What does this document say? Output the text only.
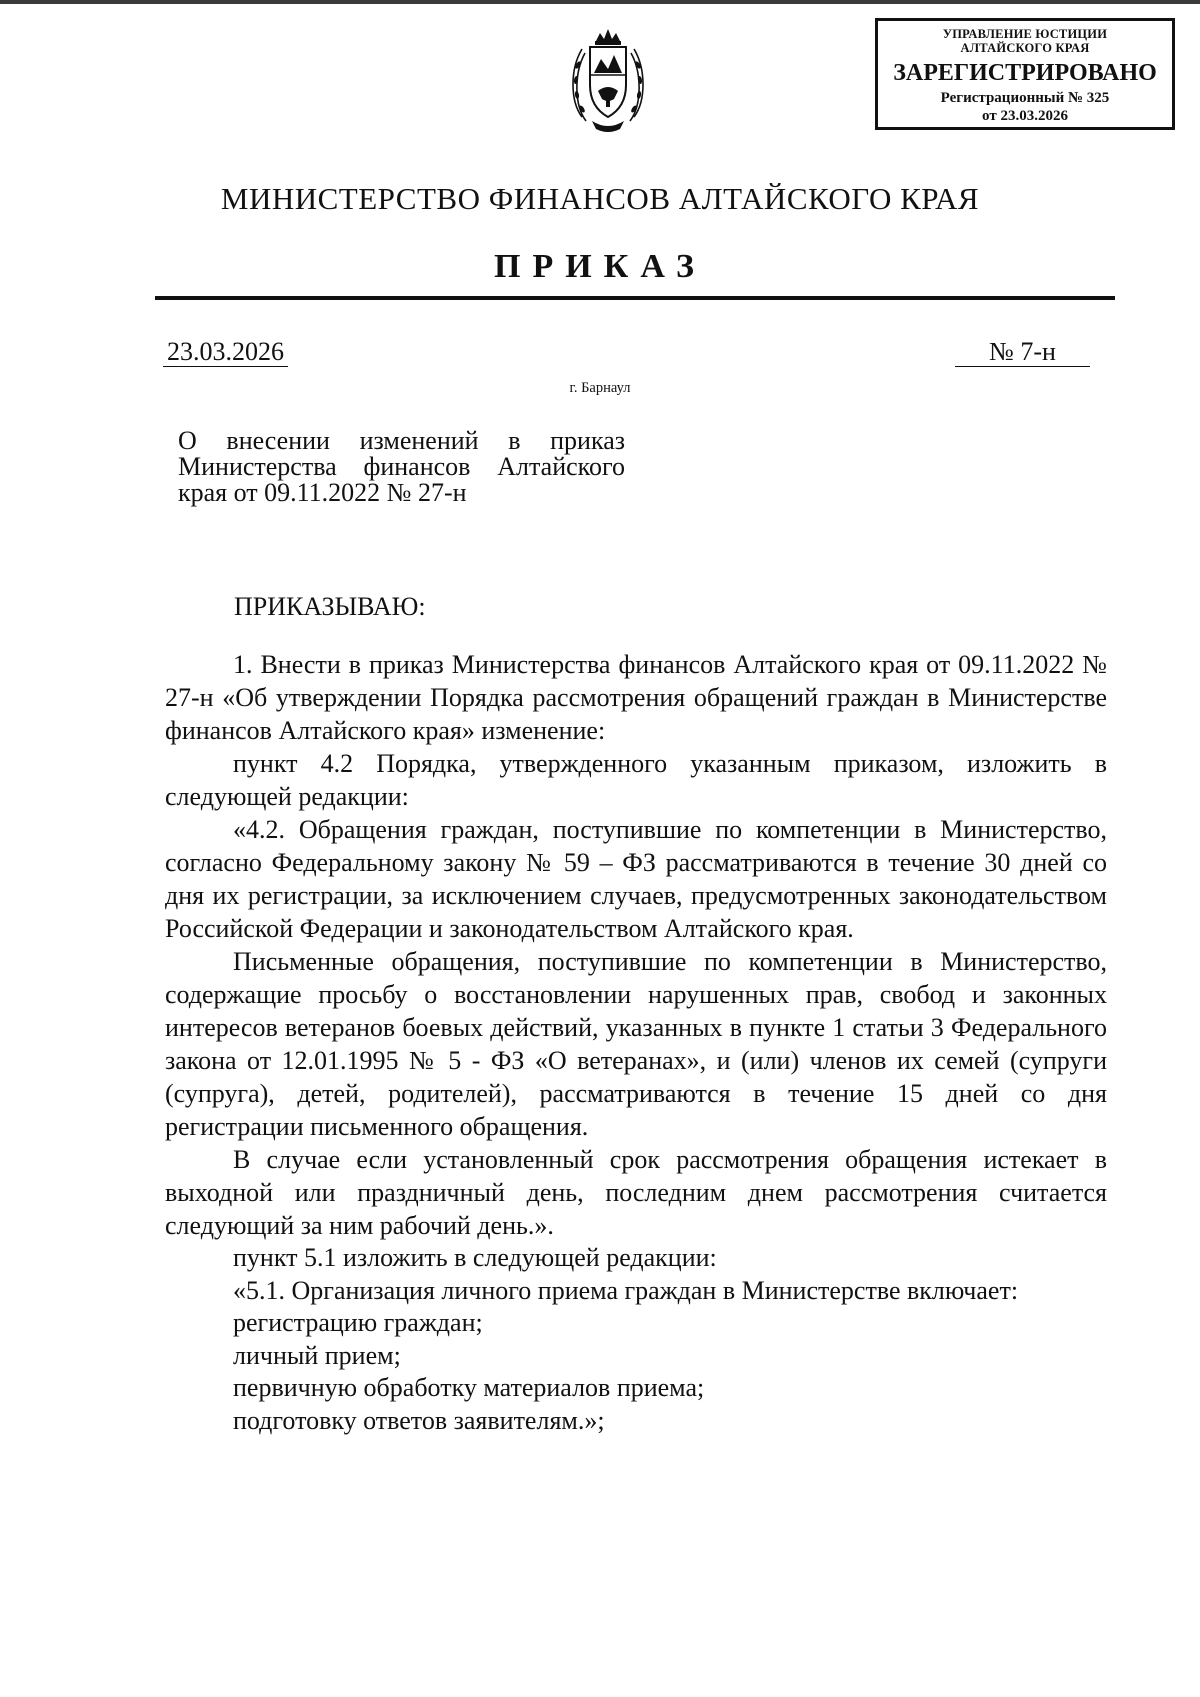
УПРАВЛЕНИЕ ЮСТИЦИИ
АЛТАЙСКОГО КРАЯ
ЗАРЕГИСТРИРОВАНО
Регистрационный № 325
от 23.03.2026
МИНИСТЕРСТВО ФИНАНСОВ АЛТАЙСКОГО КРАЯ
ПРИКАЗ
23.03.2026	№ 7-н
г. Барнаул
О внесении изменений в приказ
Министерства финансов Алтайского
края от 09.11.2022 № 27-н
ПРИКАЗЫВАЮ:

1. Внести в приказ Министерства финансов Алтайского края от 09.11.2022 № 27-н «Об утверждении Порядка рассмотрения обращений граждан в Министерстве финансов Алтайского края» изменение:

пункт 4.2 Порядка, утвержденного указанным приказом, изложить в следующей редакции:

«4.2. Обращения граждан, поступившие по компетенции в Министерство, согласно Федеральному закону № 59 – ФЗ рассматриваются в течение 30 дней со дня их регистрации, за исключением случаев, предусмотренных законодательством Российской Федерации и законодательством Алтайского края.

Письменные обращения, поступившие по компетенции в Министерство, содержащие просьбу о восстановлении нарушенных прав, свобод и законных интересов ветеранов боевых действий, указанных в пункте 1 статьи 3 Федерального закона от 12.01.1995 № 5 - ФЗ «О ветеранах», и (или) членов их семей (супруги (супруга), детей, родителей), рассматриваются в течение 15 дней со дня регистрации письменного обращения.

В случае если установленный срок рассмотрения обращения истекает в выходной или праздничный день, последним днем рассмотрения считается следующий за ним рабочий день.».

пункт 5.1 изложить в следующей редакции:

«5.1. Организация личного приема граждан в Министерстве включает:

регистрацию граждан;

личный прием;

первичную обработку материалов приема;

подготовку ответов заявителям.»;
